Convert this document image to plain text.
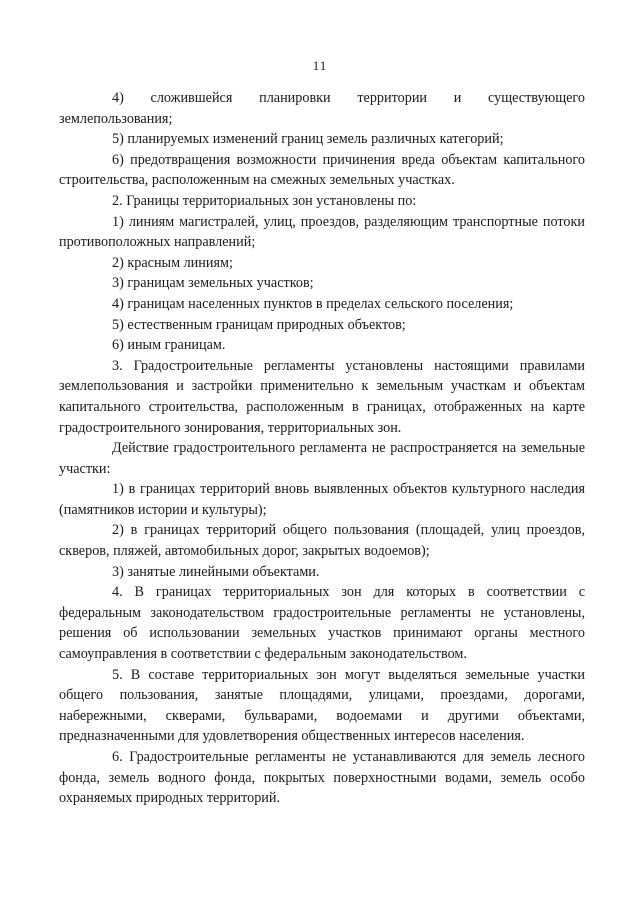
11

4) сложившейся планировки территории и существующего землепользования;

5) планируемых изменений границ земель различных категорий;

6) предотвращения возможности причинения вреда объектам капитального строительства, расположенным на смежных земельных участках.

2. Границы территориальных зон установлены по:

1) линиям магистралей, улиц, проездов, разделяющим транспортные потоки противоположных направлений;

2) красным линиям;

3) границам земельных участков;

4) границам населенных пунктов в пределах сельского поселения;

5) естественным границам природных объектов;

6) иным границам.

3. Градостроительные регламенты установлены настоящими правилами землепользования и застройки применительно к земельным участкам и объектам капитального строительства, расположенным в границах, отображенных на карте градостроительного зонирования, территориальных зон.

Действие градостроительного регламента не распространяется на земельные участки:

1) в границах территорий вновь выявленных объектов культурного наследия (памятников истории и культуры);

2) в границах территорий общего пользования (площадей, улиц проездов, скверов, пляжей, автомобильных дорог, закрытых водоемов);

3) занятые линейными объектами.

4. В границах территориальных зон для которых в соответствии с федеральным законодательством градостроительные регламенты не установлены, решения об использовании земельных участков принимают органы местного самоуправления в соответствии с федеральным законодательством.

5. В составе территориальных зон могут выделяться земельные участки общего пользования, занятые площадями, улицами, проездами, дорогами, набережными, скверами, бульварами, водоемами и другими объектами, предназначенными для удовлетворения общественных интересов населения.

6. Градостроительные регламенты не устанавливаются для земель лесного фонда, земель водного фонда, покрытых поверхностными водами, земель особо охраняемых природных территорий.
